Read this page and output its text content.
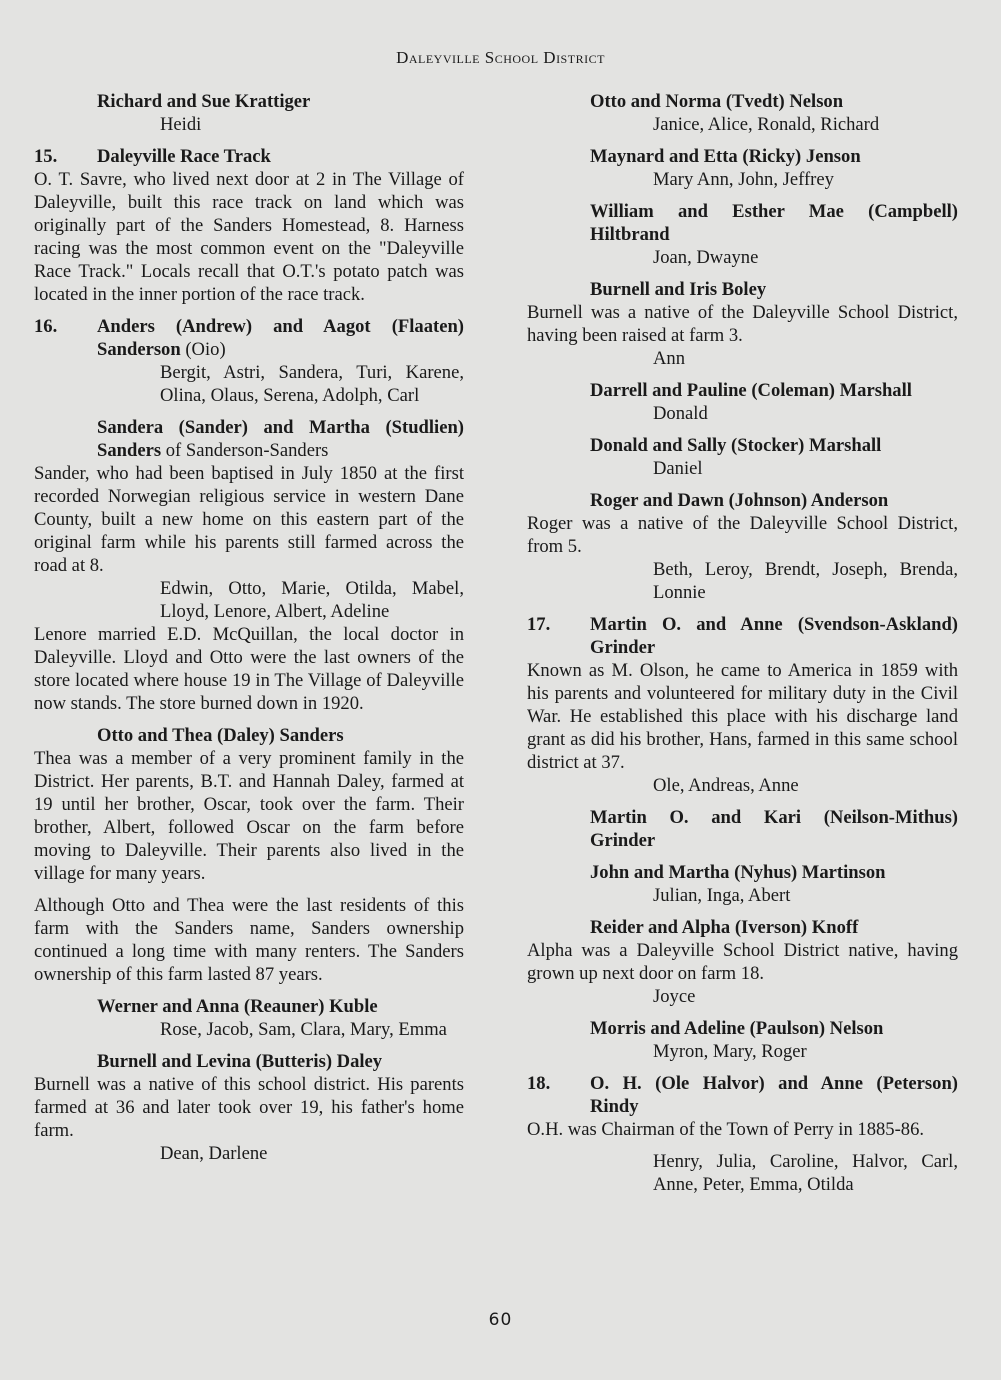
Daleyville School District
Richard and Sue Krattiger
Heidi
15. Daleyville Race Track
O. T. Savre, who lived next door at 2 in The Village of Daleyville, built this race track on land which was originally part of the Sanders Homestead, 8. Harness racing was the most common event on the "Daleyville Race Track." Locals recall that O.T.'s potato patch was located in the inner portion of the race track.
16. Anders (Andrew) and Aagot (Flaaten)
Sanderson (Oio)
Bergit, Astri, Sandera, Turi, Karene, Olina, Olaus, Serena, Adolph, Carl
Sandera (Sander) and Martha (Studlien)
Sanders of Sanderson-Sanders
Sander, who had been baptised in July 1850 at the first recorded Norwegian religious service in western Dane County, built a new home on this eastern part of the original farm while his parents still farmed across the road at 8.
Edwin, Otto, Marie, Otilda, Mabel, Lloyd, Lenore, Albert, Adeline
Lenore married E.D. McQuillan, the local doctor in Daleyville. Lloyd and Otto were the last owners of the store located where house 19 in The Village of Daleyville now stands. The store burned down in 1920.
Otto and Thea (Daley) Sanders
Thea was a member of a very prominent family in the District. Her parents, B.T. and Hannah Daley, farmed at 19 until her brother, Oscar, took over the farm. Their brother, Albert, followed Oscar on the farm before moving to Daleyville. Their parents also lived in the village for many years.
Although Otto and Thea were the last residents of this farm with the Sanders name, Sanders ownership continued a long time with many renters. The Sanders ownership of this farm lasted 87 years.
Werner and Anna (Reauner) Kuble
Rose, Jacob, Sam, Clara, Mary, Emma
Burnell and Levina (Butteris) Daley
Burnell was a native of this school district. His parents farmed at 36 and later took over 19, his father's home farm.
Dean, Darlene
Otto and Norma (Tvedt) Nelson
Janice, Alice, Ronald, Richard
Maynard and Etta (Ricky) Jenson
Mary Ann, John, Jeffrey
William and Esther Mae (Campbell)
Hiltbrand
Joan, Dwayne
Burnell and Iris Boley
Burnell was a native of the Daleyville School District, having been raised at farm 3.
Ann
Darrell and Pauline (Coleman) Marshall
Donald
Donald and Sally (Stocker) Marshall
Daniel
Roger and Dawn (Johnson) Anderson
Roger was a native of the Daleyville School District, from 5.
Beth, Leroy, Brendt, Joseph, Brenda, Lonnie
17. Martin O. and Anne (Svendson-Askland)
Grinder
Known as M. Olson, he came to America in 1859 with his parents and volunteered for military duty in the Civil War. He established this place with his discharge land grant as did his brother, Hans, farmed in this same school district at 37.
Ole, Andreas, Anne
Martin O. and Kari (Neilson-Mithus)
Grinder
John and Martha (Nyhus) Martinson
Julian, Inga, Abert
Reider and Alpha (Iverson) Knoff
Alpha was a Daleyville School District native, having grown up next door on farm 18.
Joyce
Morris and Adeline (Paulson) Nelson
Myron, Mary, Roger
18. O. H. (Ole Halvor) and Anne (Peterson)
Rindy
O.H. was Chairman of the Town of Perry in 1885-86.
Henry, Julia, Caroline, Halvor, Carl, Anne, Peter, Emma, Otilda
60
